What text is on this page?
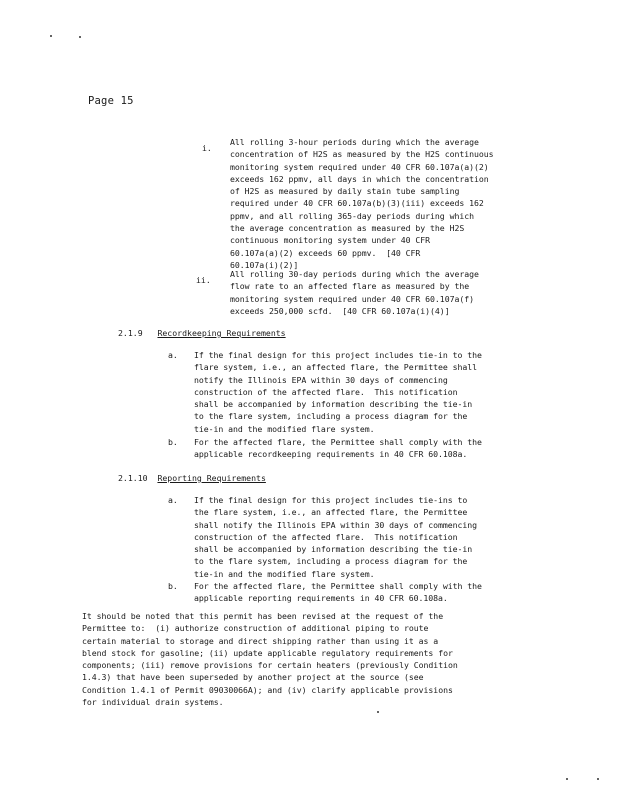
Page 15
i.
All rolling 3-hour periods during which the average
concentration of H2S as measured by the H2S continuous
monitoring system required under 40 CFR 60.107a(a)(2)
exceeds 162 ppmv, all days in which the concentration
of H2S as measured by daily stain tube sampling
required under 40 CFR 60.107a(b)(3)(iii) exceeds 162
ppmv, and all rolling 365-day periods during which
the average concentration as measured by the H2S
continuous monitoring system under 40 CFR
60.107a(a)(2) exceeds 60 ppmv.  [40 CFR
60.107a(i)(2)]
ii.
All rolling 30-day periods during which the average
flow rate to an affected flare as measured by the
monitoring system required under 40 CFR 60.107a(f)
exceeds 250,000 scfd.  [40 CFR 60.107a(i)(4)]
2.1.9 Recordkeeping Requirements
a. If the final design for this project includes tie-in to the
flare system, i.e., an affected flare, the Permittee shall
notify the Illinois EPA within 30 days of commencing
construction of the affected flare.  This notification
shall be accompanied by information describing the tie-in
to the flare system, including a process diagram for the
tie-in and the modified flare system.
b. For the affected flare, the Permittee shall comply with the
applicable recordkeeping requirements in 40 CFR 60.108a.
2.1.10 Reporting Requirements
a. If the final design for this project includes tie-ins to
the flare system, i.e., an affected flare, the Permittee
shall notify the Illinois EPA within 30 days of commencing
construction of the affected flare.  This notification
shall be accompanied by information describing the tie-in
to the flare system, including a process diagram for the
tie-in and the modified flare system.
b. For the affected flare, the Permittee shall comply with the
applicable reporting requirements in 40 CFR 60.108a.
It should be noted that this permit has been revised at the request of the
Permittee to:  (i) authorize construction of additional piping to route
certain material to storage and direct shipping rather than using it as a
blend stock for gasoline; (ii) update applicable regulatory requirements for
components; (iii) remove provisions for certain heaters (previously Condition
1.4.3) that have been superseded by another project at the source (see
Condition 1.4.1 of Permit 09030066A); and (iv) clarify applicable provisions
for individual drain systems.
